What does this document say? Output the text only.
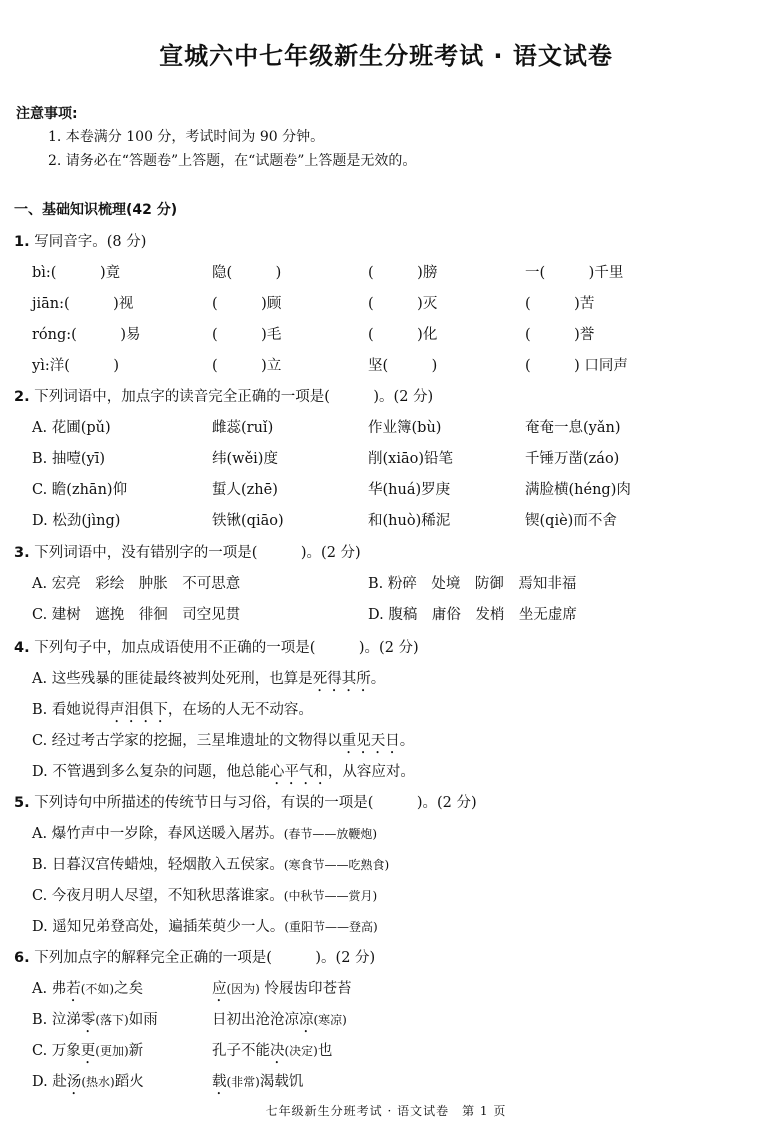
宣城六中七年级新生分班考试 · 语文试卷
注意事项:
1. 本卷满分 100 分，考试时间为 90 分钟。
2. 请务必在“答题卷”上答题，在“试题卷”上答题是无效的。
一、基础知识梳理(42 分)
1. 写同音字。(8 分)
bì:(　　　)竟	隐(　　　)	(　　　)膀	一(　　　)千里
jiān:(　　　)视	(　　　)顾	(　　　)灭	(　　　)苦
róng:(　　　)易	(　　　)毛	(　　　)化	(　　　)誉
yì:洋(　　　)	(　　　)立	坚(　　　)	(　　　) 口同声
2. 下列词语中，加点字的读音完全正确的一项是(　　　)。(2 分)
A. 花圃(pǔ)	雌蕊(ruǐ)	作业簿(bù)	奄奄一息(yǎn)
B. 抽噎(yī)	纬(wěi)度	削(xiāo)铅笔	千锤万凿(záo)
C. 瞻(zhān)仰	蜇人(zhē)	华(huá)罗庚	满脸横(héng)肉
D. 松劲(jìng)	铁锹(qiāo)	和(huò)稀泥	锲(qiè)而不舍
3. 下列词语中，没有错别字的一项是(　　　)。(2 分)
A. 宏亮　彩绘　肿胀　不可思意	B. 粉碎　处境　防御　焉知非福
C. 建树　遮挽　徘徊　司空见贯	D. 腹稿　庸俗　发梢　坐无虚席
4. 下列句子中，加点成语使用不正确的一项是(　　　)。(2 分)
A. 这些残暴的匪徒最终被判处死刑，也算是死得其所。
B. 看她说得声泪俱下，在场的人无不动容。
C. 经过考古学家的挖掘，三星堆遗址的文物得以重见天日。
D. 不管遇到多么复杂的问题，他总能心平气和，从容应对。
5. 下列诗句中所描述的传统节日与习俗，有误的一项是(　　　)。(2 分)
A. 爆竹声中一岁除，春风送暖入屠苏。(春节——放鞭炮)
B. 日暮汉宫传蜡烛，轻烟散入五侯家。(寒食节——吃熟食)
C. 今夜月明人尽望，不知秋思落谁家。(中秋节——赏月)
D. 遥知兄弟登高处，遍插茱萸少一人。(重阳节——登高)
6. 下列加点字的解释完全正确的一项是(　　　)。(2 分)
A. 弗若(不如)之矣	应(因为) 怜屐齿印苍苔
B. 泣涕零(落下)如雨	日初出沧沧凉凉(寒凉)
C. 万象更(更加)新	孔子不能决(决定)也
D. 赴汤(热水)蹈火	载(非常)渴载饥
七年级新生分班考试 · 语文试卷　第 1 页
